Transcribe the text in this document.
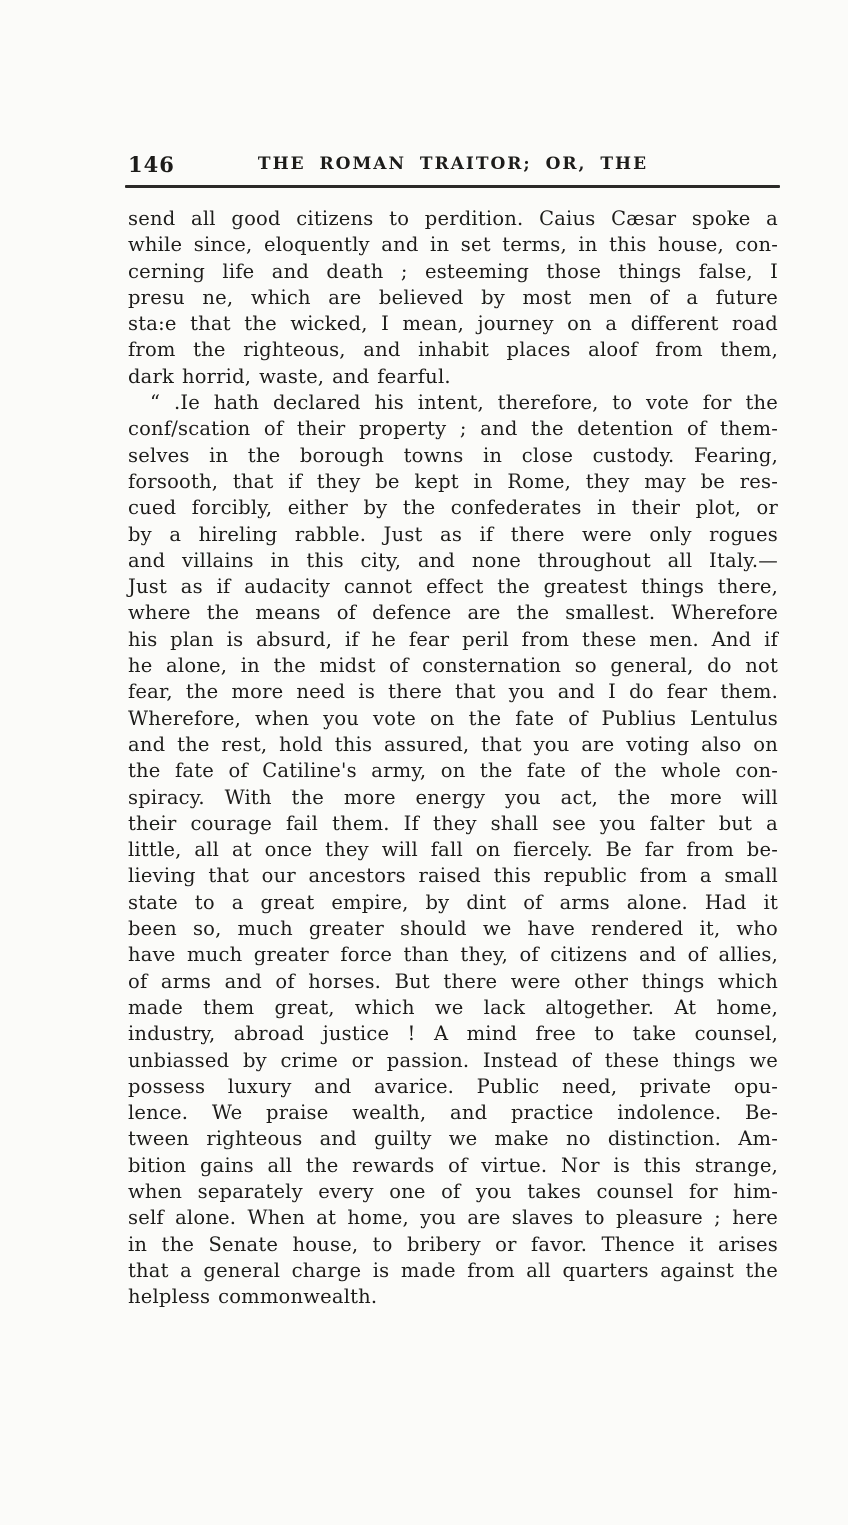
146	THE ROMAN TRAITOR; OR, THE
send all good citizens to perdition. Caius Cæsar spoke a
while since, eloquently and in set terms, in this house, con-
cerning life and death ; esteeming those things false, I
presu ne, which are believed by most men of a future
sta:e that the wicked, I mean, journey on a different road
from the righteous, and inhabit places aloof from them,
dark horrid, waste, and fearful.
“ .Ie hath declared his intent, therefore, to vote for the
conf/scation of their property ; and the detention of them-
selves in the borough towns in close custody. Fearing,
forsooth, that if they be kept in Rome, they may be res-
cued forcibly, either by the confederates in their plot, or
by a hireling rabble. Just as if there were only rogues
and villains in this city, and none throughout all Italy.—
Just as if audacity cannot effect the greatest things there,
where the means of defence are the smallest. Wherefore
his plan is absurd, if he fear peril from these men. And if
he alone, in the midst of consternation so general, do not
fear, the more need is there that you and I do fear them.
Wherefore, when you vote on the fate of Publius Lentulus
and the rest, hold this assured, that you are voting also on
the fate of Catiline's army, on the fate of the whole con-
spiracy. With the more energy you act, the more will
their courage fail them. If they shall see you falter but a
little, all at once they will fall on fiercely. Be far from be-
lieving that our ancestors raised this republic from a small
state to a great empire, by dint of arms alone. Had it
been so, much greater should we have rendered it, who
have much greater force than they, of citizens and of allies,
of arms and of horses. But there were other things which
made them great, which we lack altogether. At home,
industry, abroad justice ! A mind free to take counsel,
unbiassed by crime or passion. Instead of these things we
possess luxury and avarice. Public need, private opu-
lence. We praise wealth, and practice indolence. Be-
tween righteous and guilty we make no distinction. Am-
bition gains all the rewards of virtue. Nor is this strange,
when separately every one of you takes counsel for him-
self alone. When at home, you are slaves to pleasure ; here
in the Senate house, to bribery or favor. Thence it arises
that a general charge is made from all quarters against the
helpless commonwealth.
